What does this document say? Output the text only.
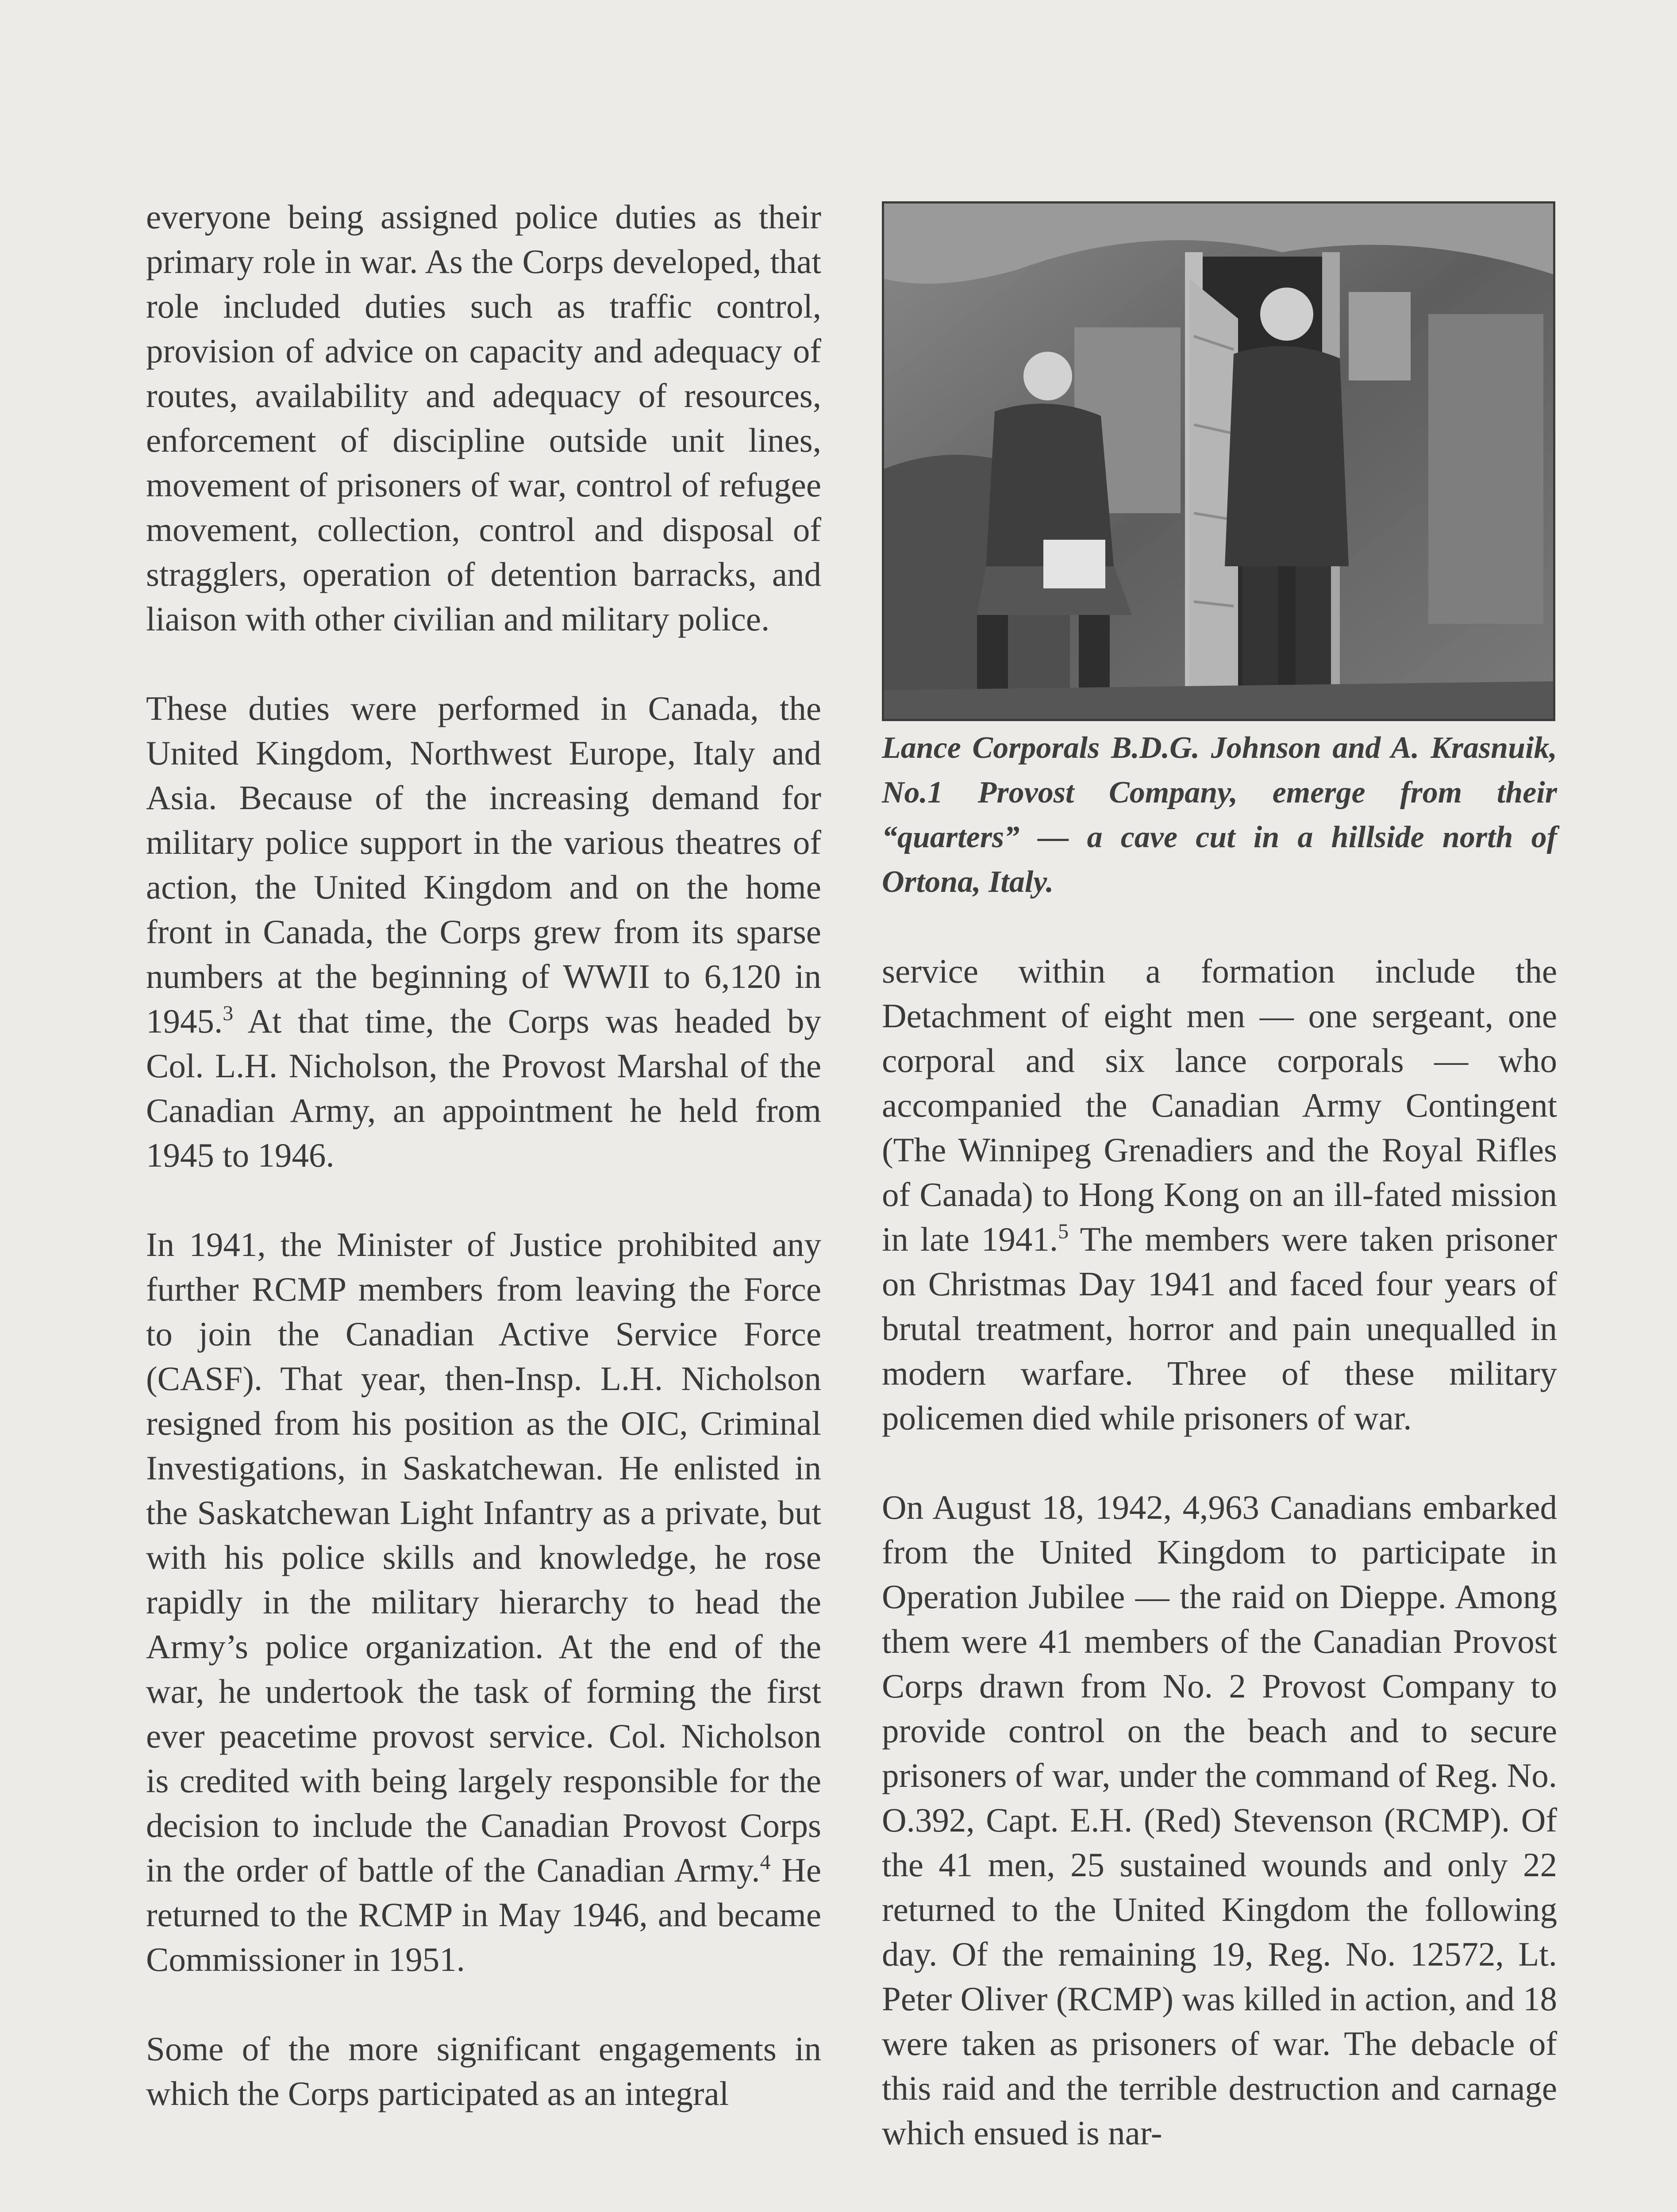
everyone being assigned police duties as their primary role in war. As the Corps developed, that role included duties such as traffic control, provision of advice on capacity and adequacy of routes, availability and adequacy of resources, enforcement of discipline outside unit lines, movement of prisoners of war, control of refugee movement, collection, control and disposal of stragglers, operation of detention barracks, and liaison with other civilian and military police.

These duties were performed in Canada, the United Kingdom, Northwest Europe, Italy and Asia. Because of the increasing demand for military police support in the various theatres of action, the United Kingdom and on the home front in Canada, the Corps grew from its sparse numbers at the beginning of WWII to 6,120 in 1945.$^3$ At that time, the Corps was headed by Col. L.H. Nicholson, the Provost Marshal of the Canadian Army, an appointment he held from 1945 to 1946.

In 1941, the Minister of Justice prohibited any further RCMP members from leaving the Force to join the Canadian Active Service Force (CASF). That year, then-Insp. L.H. Nicholson resigned from his position as the OIC, Criminal Investigations, in Saskatchewan. He enlisted in the Saskatchewan Light Infantry as a private, but with his police skills and knowledge, he rose rapidly in the military hierarchy to head the Army’s police organization. At the end of the war, he undertook the task of forming the first ever peacetime provost service. Col. Nicholson is credited with being largely responsible for the decision to include the Canadian Provost Corps in the order of battle of the Canadian Army.$^4$ He returned to the RCMP in May 1946, and became Commissioner in 1951.

Some of the more significant engagements in which the Corps participated as an integral

Lance Corporals B.D.G. Johnson and A. Krasnuik, No.1 Provost Company, emerge from their “quarters” — a cave cut in a hillside north of Ortona, Italy.

service within a formation include the Detachment of eight men — one sergeant, one corporal and six lance corporals — who accompanied the Canadian Army Contingent (The Winnipeg Grenadiers and the Royal Rifles of Canada) to Hong Kong on an ill-fated mission in late 1941.$^5$ The members were taken prisoner on Christmas Day 1941 and faced four years of brutal treatment, horror and pain unequalled in modern warfare. Three of these military policemen died while prisoners of war.

On August 18, 1942, 4,963 Canadians embarked from the United Kingdom to participate in Operation Jubilee — the raid on Dieppe. Among them were 41 members of the Canadian Provost Corps drawn from No. 2 Provost Company to provide control on the beach and to secure prisoners of war, under the command of Reg. No. O.392, Capt. E.H. (Red) Stevenson (RCMP). Of the 41 men, 25 sustained wounds and only 22 returned to the United Kingdom the following day. Of the remaining 19, Reg. No. 12572, Lt. Peter Oliver (RCMP) was killed in action, and 18 were taken as prisoners of war. The debacle of this raid and the terrible destruction and carnage which ensued is nar-
